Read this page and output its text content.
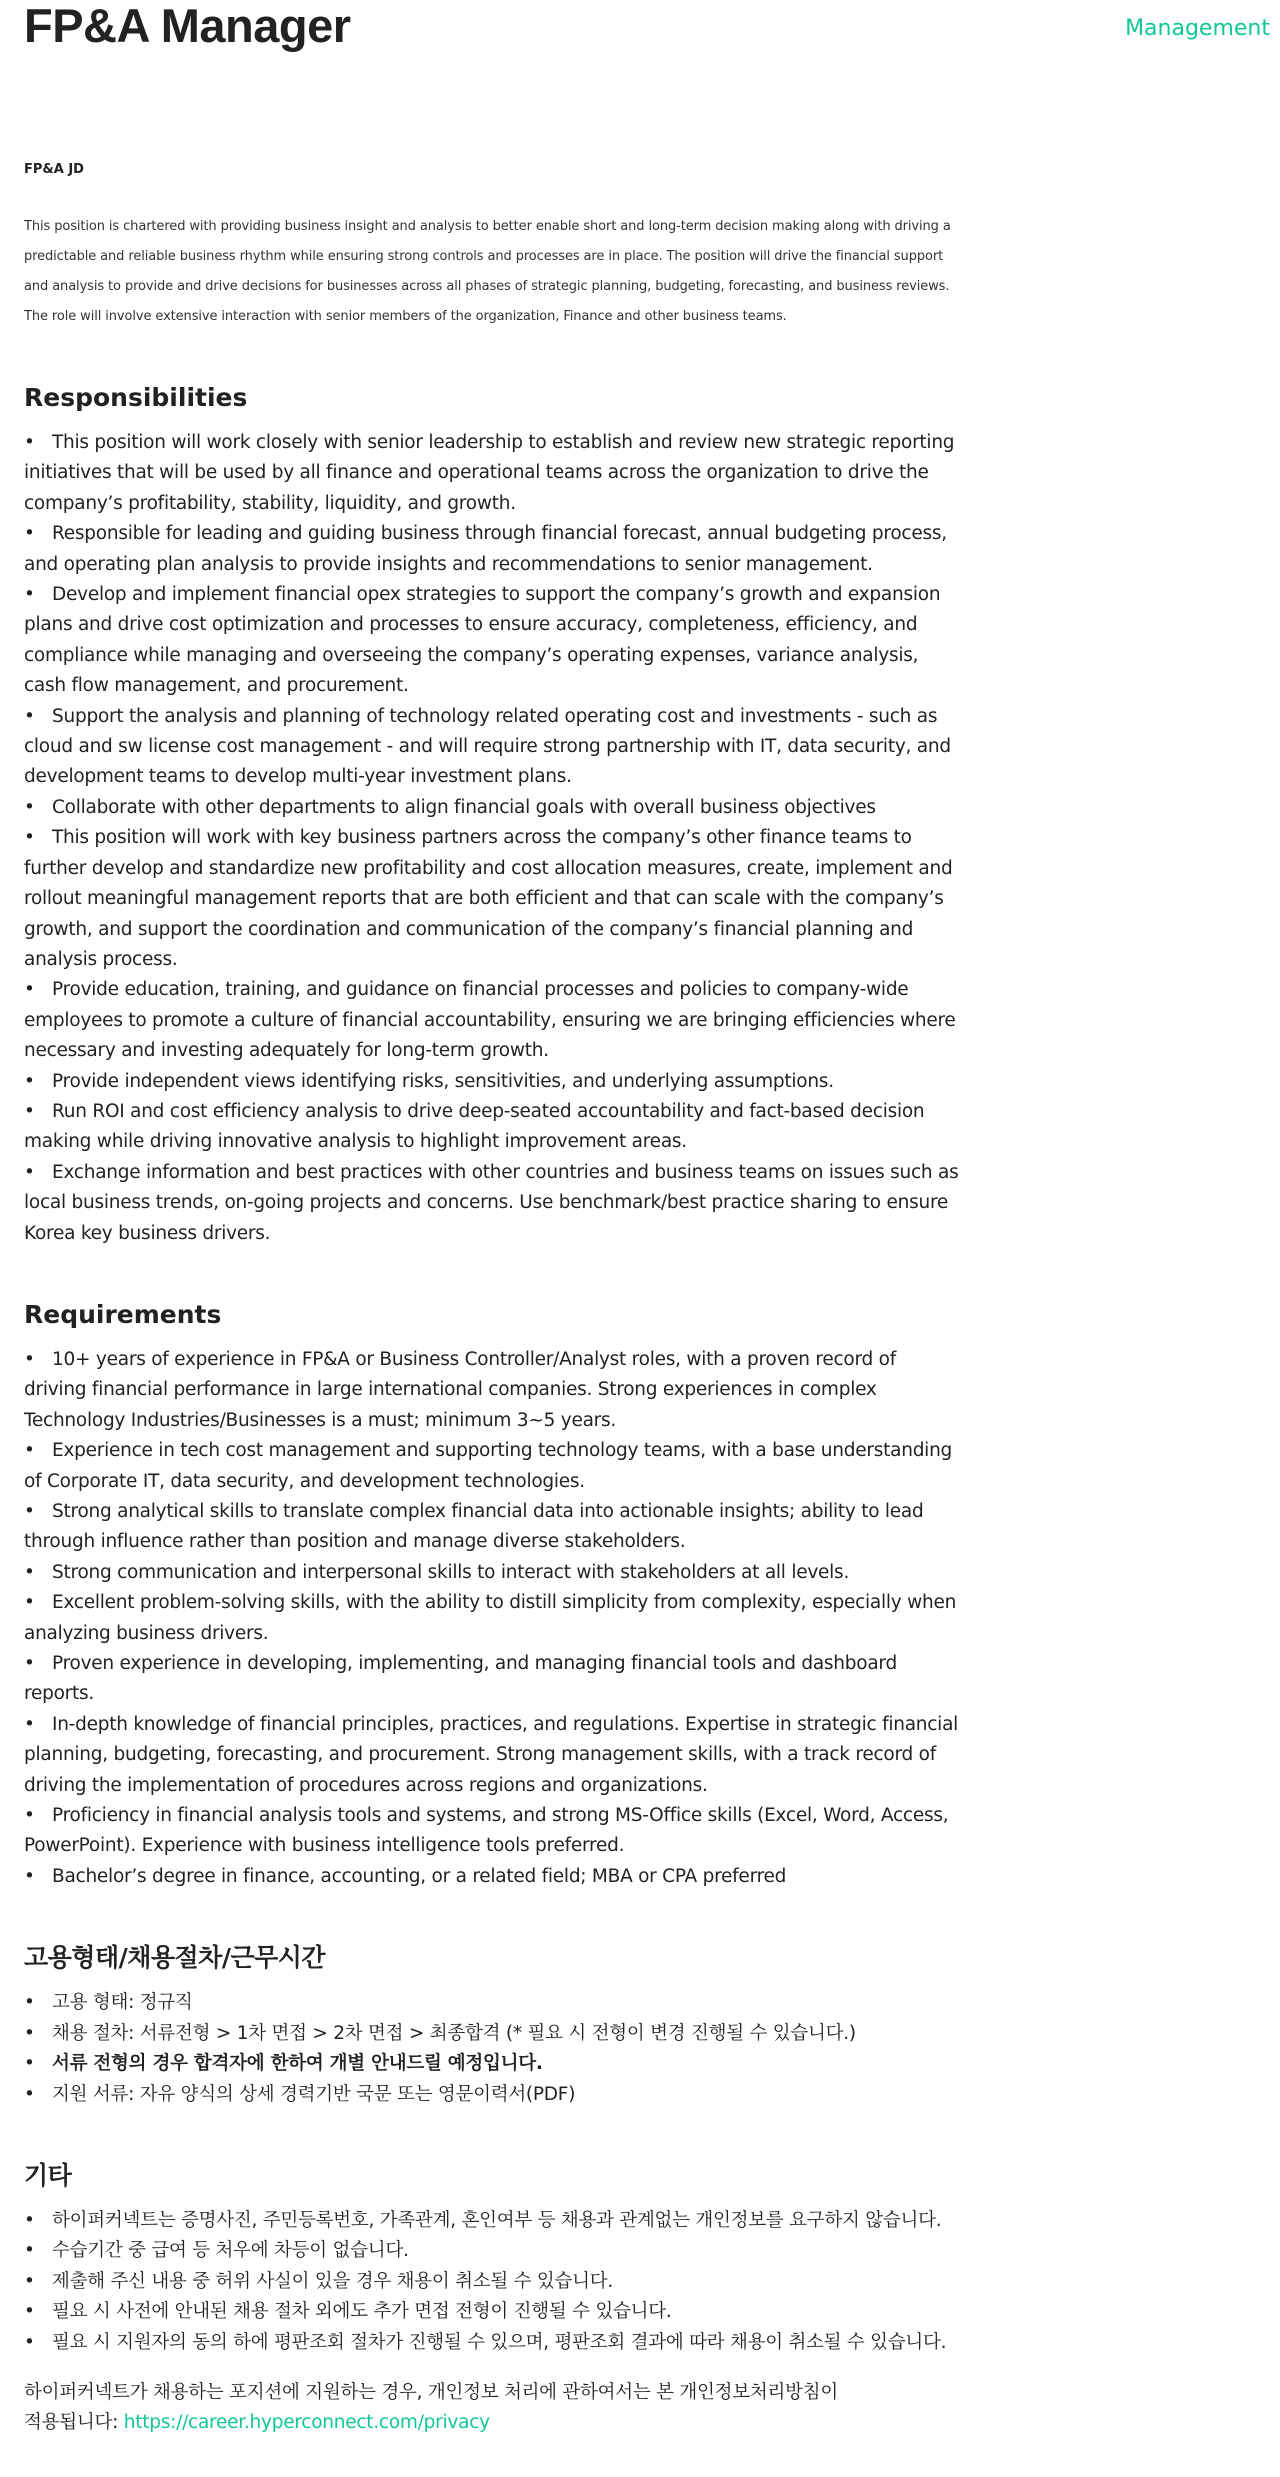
FP&A Manager	Management
FP&A JD

This position is chartered with providing business insight and analysis to better enable short and long-term decision making along with driving a predictable and reliable business rhythm while ensuring strong controls and processes are in place. The position will drive the financial support and analysis to provide and drive decisions for businesses across all phases of strategic planning, budgeting, forecasting, and business reviews. The role will involve extensive interaction with senior members of the organization, Finance and other business teams.

Responsibilities
• This position will work closely with senior leadership to establish and review new strategic reporting initiatives that will be used by all finance and operational teams across the organization to drive the company’s profitability, stability, liquidity, and growth.
• Responsible for leading and guiding business through financial forecast, annual budgeting process, and operating plan analysis to provide insights and recommendations to senior management.
• Develop and implement financial opex strategies to support the company’s growth and expansion plans and drive cost optimization and processes to ensure accuracy, completeness, efficiency, and compliance while managing and overseeing the company’s operating expenses, variance analysis, cash flow management, and procurement.
• Support the analysis and planning of technology related operating cost and investments - such as cloud and sw license cost management - and will require strong partnership with IT, data security, and development teams to develop multi-year investment plans.
• Collaborate with other departments to align financial goals with overall business objectives
• This position will work with key business partners across the company’s other finance teams to further develop and standardize new profitability and cost allocation measures, create, implement and rollout meaningful management reports that are both efficient and that can scale with the company’s growth, and support the coordination and communication of the company’s financial planning and analysis process.
• Provide education, training, and guidance on financial processes and policies to company-wide employees to promote a culture of financial accountability, ensuring we are bringing efficiencies where necessary and investing adequately for long-term growth.
• Provide independent views identifying risks, sensitivities, and underlying assumptions.
• Run ROI and cost efficiency analysis to drive deep-seated accountability and fact-based decision making while driving innovative analysis to highlight improvement areas.
• Exchange information and best practices with other countries and business teams on issues such as local business trends, on-going projects and concerns. Use benchmark/best practice sharing to ensure Korea key business drivers.
Requirements
• 10+ years of experience in FP&A or Business Controller/Analyst roles, with a proven record of driving financial performance in large international companies. Strong experiences in complex Technology Industries/Businesses is a must; minimum 3~5 years.
• Experience in tech cost management and supporting technology teams, with a base understanding of Corporate IT, data security, and development technologies.
• Strong analytical skills to translate complex financial data into actionable insights; ability to lead through influence rather than position and manage diverse stakeholders.
• Strong communication and interpersonal skills to interact with stakeholders at all levels.
• Excellent problem-solving skills, with the ability to distill simplicity from complexity, especially when analyzing business drivers.
• Proven experience in developing, implementing, and managing financial tools and dashboard reports.
• In-depth knowledge of financial principles, practices, and regulations. Expertise in strategic financial planning, budgeting, forecasting, and procurement. Strong management skills, with a track record of driving the implementation of procedures across regions and organizations.
• Proficiency in financial analysis tools and systems, and strong MS-Office skills (Excel, Word, Access, PowerPoint). Experience with business intelligence tools preferred.
• Bachelor’s degree in finance, accounting, or a related field; MBA or CPA preferred
고용형태/채용절차/근무시간
• 고용 형태: 정규직
• 채용 절차: 서류전형 > 1차 면접 > 2차 면접 > 최종합격 (* 필요 시 전형이 변경 진행될 수 있습니다.)
• 서류 전형의 경우 합격자에 한하여 개별 안내드릴 예정입니다.
• 지원 서류: 자유 양식의 상세 경력기반 국문 또는 영문이력서(PDF)
기타
• 하이퍼커넥트는 증명사진, 주민등록번호, 가족관계, 혼인여부 등 채용과 관계없는 개인정보를 요구하지 않습니다.
• 수습기간 중 급여 등 처우에 차등이 없습니다.
• 제출해 주신 내용 중 허위 사실이 있을 경우 채용이 취소될 수 있습니다.
• 필요 시 사전에 안내된 채용 절차 외에도 추가 면접 전형이 진행될 수 있습니다.
• 필요 시 지원자의 동의 하에 평판조회 절차가 진행될 수 있으며, 평판조회 결과에 따라 채용이 취소될 수 있습니다.

하이퍼커넥트가 채용하는 포지션에 지원하는 경우, 개인정보 처리에 관하여서는 본 개인정보처리방침이
적용됩니다: https://career.hyperconnect.com/privacy
